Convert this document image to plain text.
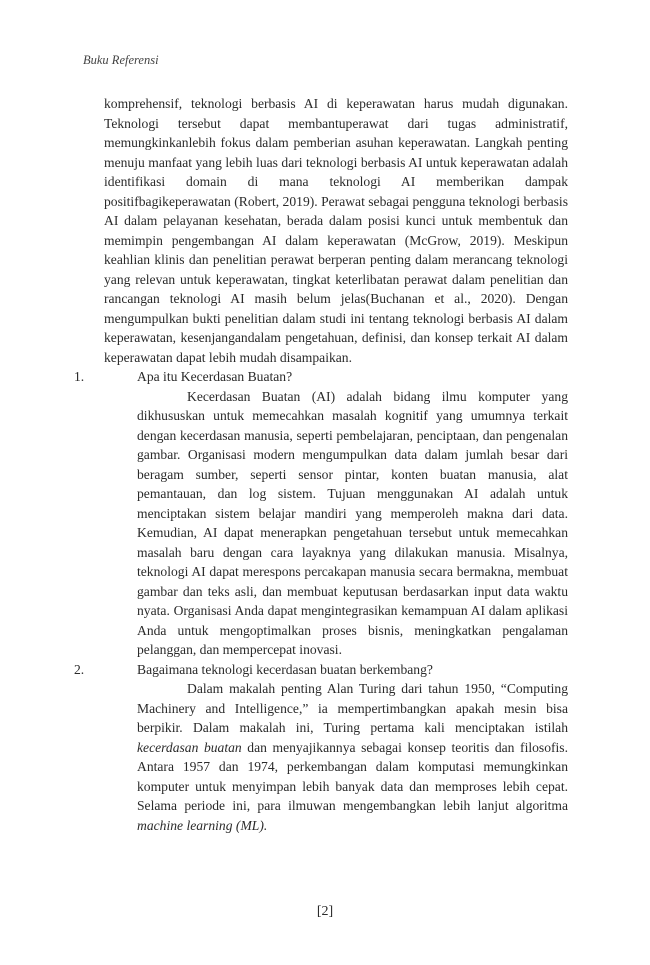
Buku Referensi

komprehensif, teknologi berbasis AI di keperawatan harus mudah digunakan. Teknologi tersebut dapat membantuperawat dari tugas administratif, memungkinkanlebih fokus dalam pemberian asuhan keperawatan. Langkah penting menuju manfaat yang lebih luas dari teknologi berbasis AI untuk keperawatan adalah identifikasi domain di mana teknologi AI memberikan dampak positifbagikeperawatan (Robert, 2019). Perawat sebagai pengguna teknologi berbasis AI dalam pelayanan kesehatan, berada dalam posisi kunci untuk membentuk dan memimpin pengembangan AI dalam keperawatan (McGrow, 2019). Meskipun keahlian klinis dan penelitian perawat berperan penting dalam merancang teknologi yang relevan untuk keperawatan, tingkat keterlibatan perawat dalam penelitian dan rancangan teknologi AI masih belum jelas(Buchanan et al., 2020). Dengan mengumpulkan bukti penelitian dalam studi ini tentang teknologi berbasis AI dalam keperawatan, kesenjangandalam pengetahuan, definisi, dan konsep terkait AI dalam keperawatan dapat lebih mudah disampaikan.

1.	Apa itu Kecerdasan Buatan?

Kecerdasan Buatan (AI) adalah bidang ilmu komputer yang dikhususkan untuk memecahkan masalah kognitif yang umumnya terkait dengan kecerdasan manusia, seperti pembelajaran, penciptaan, dan pengenalan gambar. Organisasi modern mengumpulkan data dalam jumlah besar dari beragam sumber, seperti sensor pintar, konten buatan manusia, alat pemantauan, dan log sistem. Tujuan menggunakan AI adalah untuk menciptakan sistem belajar mandiri yang memperoleh makna dari data. Kemudian, AI dapat menerapkan pengetahuan tersebut untuk memecahkan masalah baru dengan cara layaknya yang dilakukan manusia. Misalnya, teknologi AI dapat merespons percakapan manusia secara bermakna, membuat gambar dan teks asli, dan membuat keputusan berdasarkan input data waktu nyata. Organisasi Anda dapat mengintegrasikan kemampuan AI dalam aplikasi Anda untuk mengoptimalkan proses bisnis, meningkatkan pengalaman pelanggan, dan mempercepat inovasi.

2.	Bagaimana teknologi kecerdasan buatan berkembang?

Dalam makalah penting Alan Turing dari tahun 1950, “Computing Machinery and Intelligence,” ia mempertimbangkan apakah mesin bisa berpikir. Dalam makalah ini, Turing pertama kali menciptakan istilah kecerdasan buatan dan menyajikannya sebagai konsep teoritis dan filosofis. Antara 1957 dan 1974, perkembangan dalam komputasi memungkinkan komputer untuk menyimpan lebih banyak data dan memproses lebih cepat. Selama periode ini, para ilmuwan mengembangkan lebih lanjut algoritma machine learning (ML).

[2]
